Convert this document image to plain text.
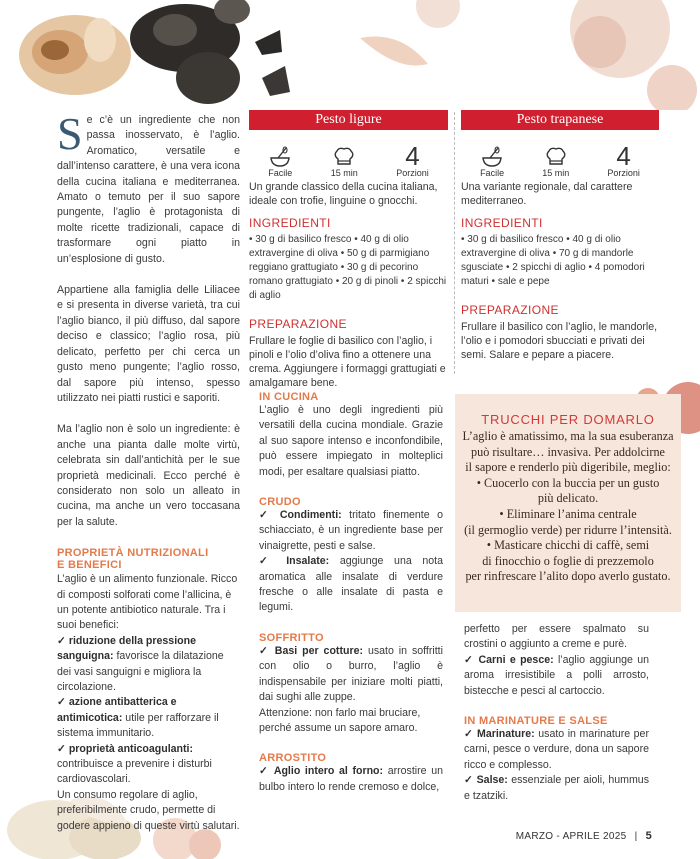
S e c’è un ingrediente che non passa inosservato, è l’aglio. Aromatico, versatile e dall’intenso carattere, è una vera icona della cucina italiana e mediterranea. Amato o temuto per il suo sapore pungente, l’aglio è protagonista di molte ricette tradizionali, capace di trasformare ogni piatto in un’esplosione di gusto.
Appartiene alla famiglia delle Liliacee e si presenta in diverse varietà, tra cui l’aglio bianco, il più diffuso, dal sapore deciso e classico; l’aglio rosa, più delicato, perfetto per chi cerca un gusto meno pungente; l’aglio rosso, dal sapore più intenso, spesso utilizzato nei piatti rustici e saporiti.
Ma l’aglio non è solo un ingrediente: è anche una pianta dalle molte virtù, celebrata sin dall’antichità per le sue proprietà medicinali. Ecco perché è considerato non solo un alleato in cucina, ma anche un vero toccasana per la salute.
PROPRIETÀ NUTRIZIONALI
E BENEFICI
L’aglio è un alimento funzionale. Ricco di composti solforati come l’allicina, è un potente antibiotico naturale. Tra i suoi benefici:
✓ riduzione della pressione sanguigna: favorisce la dilatazione dei vasi sanguigni e migliora la circolazione.
✓ azione antibatterica e antimicotica: utile per rafforzare il sistema immunitario.
✓ proprietà anticoagulanti: contribuisce a prevenire i disturbi cardiovascolari.
Un consumo regolare di aglio, preferibilmente crudo, permette di godere appieno di queste virtù salutari.
Pesto ligure
Facile	15 min
4
Porzioni
Un grande classico della cucina italiana, ideale con trofie, linguine o gnocchi.
INGREDIENTI
• 30 g di basilico fresco • 40 g di olio extravergine di oliva • 50 g di parmigiano reggiano grattugiato • 30 g di pecorino romano grattugiato • 20 g di pinoli • 2 spicchi di aglio
PREPARAZIONE
Frullare le foglie di basilico con l’aglio, i pinoli e l’olio d’oliva fino a ottenere una crema. Aggiungere i formaggi grattugiati e amalgamare bene.
Pesto trapanese
Facile	15 min
4
Porzioni
Una variante regionale, dal carattere mediterraneo.
INGREDIENTI
• 30 g di basilico fresco • 40 g di olio extravergine di oliva • 70 g di mandorle sgusciate • 2 spicchi di aglio • 4 pomodori maturi • sale e pepe
PREPARAZIONE
Frullare il basilico con l’aglio, le mandorle, l’olio e i pomodori sbucciati e privati dei semi. Salare e pepare a piacere.
IN CUCINA
L’aglio è uno degli ingredienti più versatili della cucina mondiale. Grazie al suo sapore intenso e inconfondibile, può essere impiegato in molteplici modi, per esaltare qualsiasi piatto.
CRUDO
✓ Condimenti: tritato finemente o schiacciato, è un ingrediente base per vinaigrette, pesti e salse.
✓ Insalate: aggiunge una nota aromatica alle insalate di verdure fresche o alle insalate di pasta e legumi.
SOFFRITTO
✓ Basi per cotture: usato in soffritti con olio o burro, l’aglio è indispensabile per iniziare molti piatti, dai sughi alle zuppe.
Attenzione: non farlo mai bruciare, perché assume un sapore amaro.
ARROSTITO
✓ Aglio intero al forno: arrostire un bulbo intero lo rende cremoso e dolce,
TRUCCHI PER DOMARLO
L’aglio è amatissimo, ma la sua esuberanza
può risultare… invasiva. Per addolcirne
il sapore e renderlo più digeribile, meglio:
• Cuocerlo con la buccia per un gusto
più delicato.
• Eliminare l’anima centrale
(il germoglio verde) per ridurre l’intensità.
• Masticare chicchi di caffè, semi
di finocchio o foglie di prezzemolo
per rinfrescare l’alito dopo averlo gustato.
perfetto per essere spalmato su crostini o aggiunto a creme e purè.
✓ Carni e pesce: l’aglio aggiunge un aroma irresistibile a polli arrosto, bistecche e pesci al cartoccio.
IN MARINATURE E SALSE
✓ Marinature: usato in marinature per carni, pesce o verdure, dona un sapore ricco e complesso.
✓ Salse: essenziale per aioli, hummus e tzatziki.
MARZO - APRILE 2025 | 5
